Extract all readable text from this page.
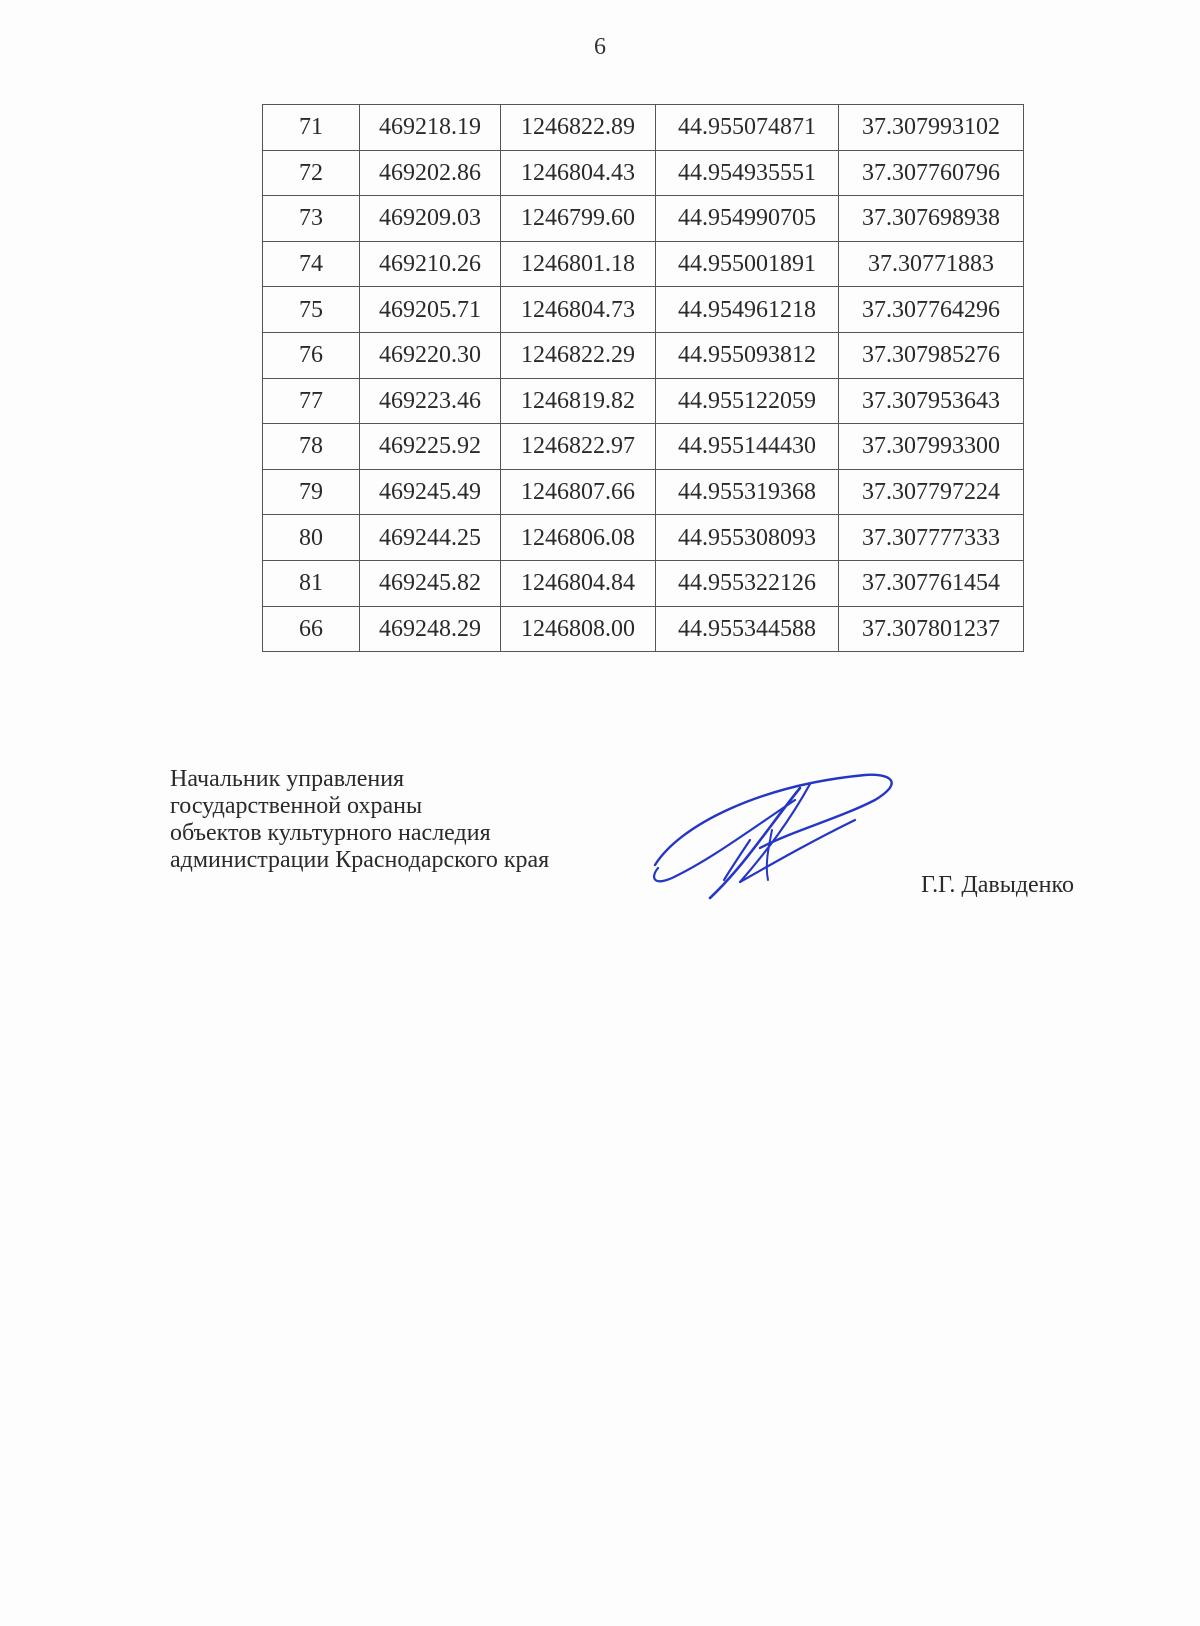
6
71	469218.19	1246822.89	44.955074871	37.307993102
72	469202.86	1246804.43	44.954935551	37.307760796
73	469209.03	1246799.60	44.954990705	37.307698938
74	469210.26	1246801.18	44.955001891	37.30771883
75	469205.71	1246804.73	44.954961218	37.307764296
76	469220.30	1246822.29	44.955093812	37.307985276
77	469223.46	1246819.82	44.955122059	37.307953643
78	469225.92	1246822.97	44.955144430	37.307993300
79	469245.49	1246807.66	44.955319368	37.307797224
80	469244.25	1246806.08	44.955308093	37.307777333
81	469245.82	1246804.84	44.955322126	37.307761454
66	469248.29	1246808.00	44.955344588	37.307801237
Начальник управления
государственной охраны
объектов культурного наследия
администрации Краснодарского края
Г.Г. Давыденко
